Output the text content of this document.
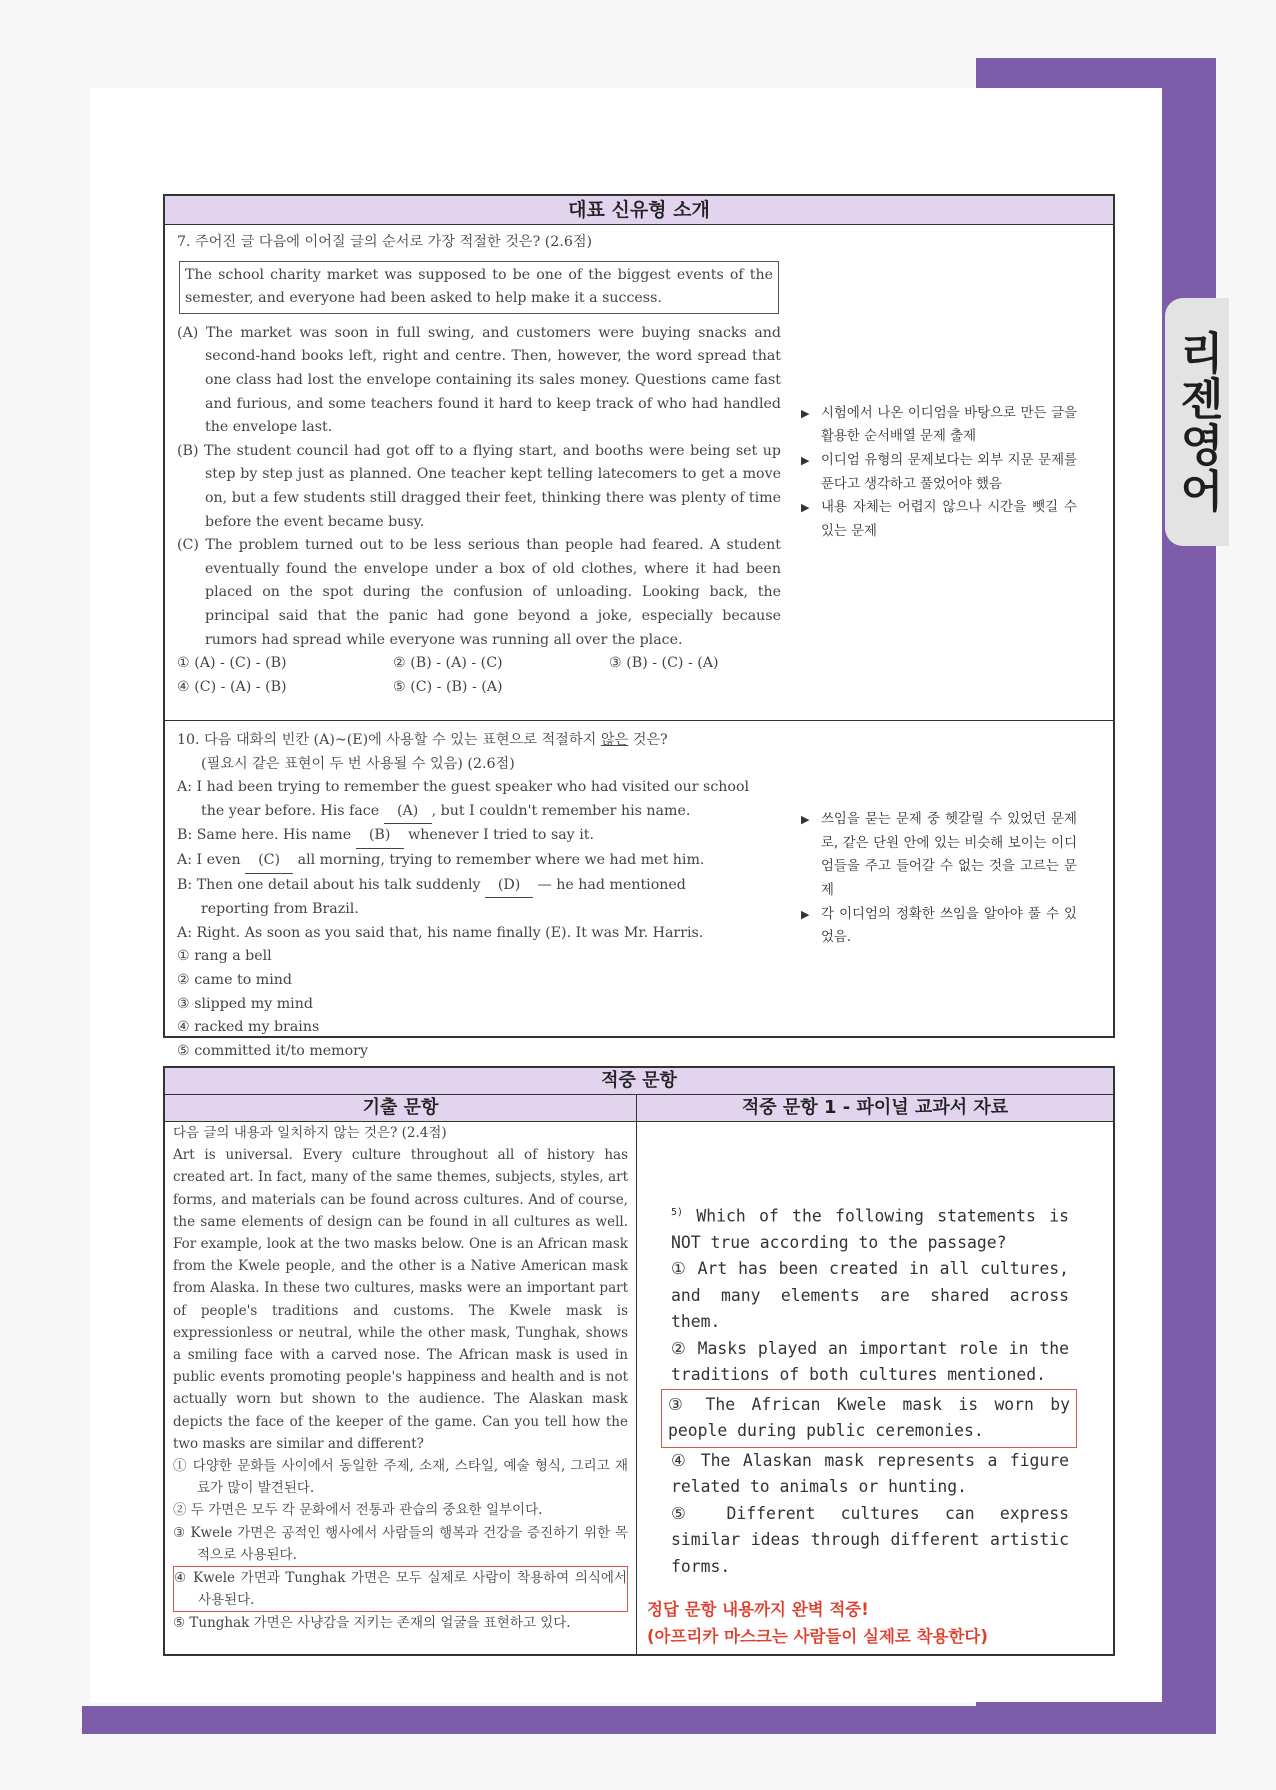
리젠영어
대표 신유형 소개
7. 주어진 글 다음에 이어질 글의 순서로 가장 적절한 것은? (2.6점)
The school charity market was supposed to be one of the biggest events of the semester, and everyone had been asked to help make it a success.
(A) The market was soon in full swing, and customers were buying snacks and second-hand books left, right and centre. Then, however, the word spread that one class had lost the envelope containing its sales money. Questions came fast and furious, and some teachers found it hard to keep track of who had handled the envelope last.
(B) The student council had got off to a flying start, and booths were being set up step by step just as planned. One teacher kept telling latecomers to get a move on, but a few students still dragged their feet, thinking there was plenty of time before the event became busy.
(C) The problem turned out to be less serious than people had feared. A student eventually found the envelope under a box of old clothes, where it had been placed on the spot during the confusion of unloading. Looking back, the principal said that the panic had gone beyond a joke, especially because rumors had spread while everyone was running all over the place.
① (A) - (C) - (B)	② (B) - (A) - (C)	③ (B) - (C) - (A)
④ (C) - (A) - (B)	⑤ (C) - (B) - (A)
▶ 시험에서 나온 이디엄을 바탕으로 만든 글을 활용한 순서배열 문제 출제
▶ 이디엄 유형의 문제보다는 외부 지문 문제를 푼다고 생각하고 풀었어야 했음
▶ 내용 자체는 어렵지 않으나 시간을 뺏길 수 있는 문제
10. 다음 대화의 빈칸 (A)~(E)에 사용할 수 있는 표현으로 적절하지 않은 것은?
(필요시 같은 표현이 두 번 사용될 수 있음) (2.6점)
A: I had been trying to remember the guest speaker who had visited our school
the year before. His face (A) , but I couldn't remember his name.
B: Same here. His name (B) whenever I tried to say it.
A: I even (C) all morning, trying to remember where we had met him.
B: Then one detail about his talk suddenly (D) — he had mentioned
reporting from Brazil.
A: Right. As soon as you said that, his name finally (E). It was Mr. Harris.
① rang a bell
② came to mind
③ slipped my mind
④ racked my brains
⑤ committed it/to memory
▶ 쓰임을 묻는 문제 중 헷갈릴 수 있었던 문제로, 같은 단원 안에 있는 비슷해 보이는 이디엄들을 주고 들어갈 수 없는 것을 고르는 문제
▶ 각 이디엄의 정확한 쓰임을 알아야 풀 수 있었음.
적중 문항
기출 문항	적중 문항 1 - 파이널 교과서 자료
다음 글의 내용과 일치하지 않는 것은? (2.4점)
Art is universal. Every culture throughout all of history has created art. In fact, many of the same themes, subjects, styles, art forms, and materials can be found across cultures. And of course, the same elements of design can be found in all cultures as well. For example, look at the two masks below. One is an African mask from the Kwele people, and the other is a Native American mask from Alaska. In these two cultures, masks were an important part of people's traditions and customs. The Kwele mask is expressionless or neutral, while the other mask, Tunghak, shows a smiling face with a carved nose. The African mask is used in public events promoting people's happiness and health and is not actually worn but shown to the audience. The Alaskan mask depicts the face of the keeper of the game. Can you tell how the two masks are similar and different?
① 다양한 문화들 사이에서 동일한 주제, 소재, 스타일, 예술 형식, 그리고 재료가 많이 발견된다.
② 두 가면은 모두 각 문화에서 전통과 관습의 중요한 일부이다.
③ Kwele 가면은 공적인 행사에서 사람들의 행복과 건강을 증진하기 위한 목적으로 사용된다.
④ Kwele 가면과 Tunghak 가면은 모두 실제로 사람이 착용하여 의식에서 사용된다.
⑤ Tunghak 가면은 사냥감을 지키는 존재의 얼굴을 표현하고 있다.
$^{5)}$ Which of the following statements is NOT true according to the passage?
① Art has been created in all cultures, and many elements are shared across them.
② Masks played an important role in the traditions of both cultures mentioned.
③ The African Kwele mask is worn by people during public ceremonies.
④ The Alaskan mask represents a figure related to animals or hunting.
⑤ Different cultures can express similar ideas through different artistic forms.
정답 문항 내용까지 완벽 적중!
(아프리카 마스크는 사람들이 실제로 착용한다)
